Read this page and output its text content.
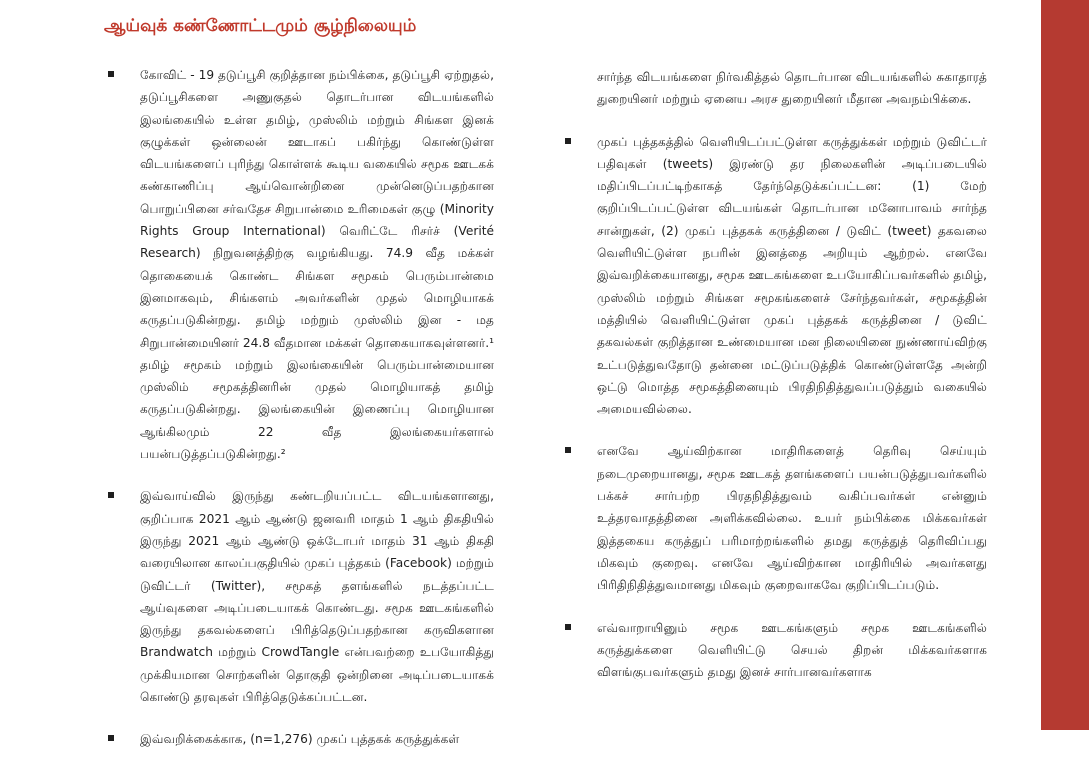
ஆய்வுக் கண்ணோட்டமும் சூழ்நிலையும்

கோவிட் - 19 தடுப்பூசி குறித்தான நம்பிக்கை, தடுப்பூசி ஏற்றுதல், தடுப்பூசிகளை அணுகுதல் தொடர்பான விடயங்களில் இலங்கையில் உள்ள தமிழ், முஸ்லிம் மற்றும் சிங்கள இனக் குழுக்கள் ஒன்லைன் ஊடாகப் பகிர்ந்து கொண்டுள்ள விடயங்களைப் புரிந்து கொள்ளக் கூடிய வகையில் சமூக ஊடகக் கண்காணிப்பு ஆய்வொன்றினை முன்னெடுப்பதற்கான பொறுப்பினை சர்வதேச சிறுபான்மை உரிமைகள் குழு (Minority Rights Group International) வெரிட்டே ரிசர்ச் (Verité Research) நிறுவனத்திற்கு வழங்கியது. 74.9 வீத மக்கள் தொகையைக் கொண்ட சிங்கள சமூகம் பெரும்பான்மை இனமாகவும், சிங்களம் அவர்களின் முதல் மொழியாகக் கருதப்படுகின்றது. தமிழ் மற்றும் முஸ்லிம் இன - மத சிறுபான்மையினர் 24.8 வீதமான மக்கள் தொகையாகவுள்ளனர்.¹ தமிழ் சமூகம் மற்றும் இலங்கையின் பெரும்பான்மையான முஸ்லிம் சமூகத்தினரின் முதல் மொழியாகத் தமிழ் கருதப்படுகின்றது. இலங்கையின் இணைப்பு மொழியான ஆங்கிலமும் 22 வீத இலங்கையர்களால் பயன்படுத்தப்படுகின்றது.²

இவ்வாய்வில் இருந்து கண்டறியப்பட்ட விடயங்களானது, குறிப்பாக 2021 ஆம் ஆண்டு ஜனவரி மாதம் 1 ஆம் திகதியில் இருந்து 2021 ஆம் ஆண்டு ஒக்டோபர் மாதம் 31 ஆம் திகதி வரையிலான காலப்பகுதியில் முகப் புத்தகம் (Facebook) மற்றும் டுவிட்டர் (Twitter), சமூகத் தளங்களில் நடத்தப்பட்ட ஆய்வுகளை அடிப்படையாகக் கொண்டது. சமூக ஊடகங்களில் இருந்து தகவல்களைப் பிரித்தெடுப்பதற்கான கருவிகளான Brandwatch மற்றும் CrowdTangle என்பவற்றை உபயோகித்து முக்கியமான சொற்களின் தொகுதி ஒன்றினை அடிப்படையாகக் கொண்டு தரவுகள் பிரித்தெடுக்கப்பட்டன.

இவ்வறிக்கைக்காக, (n=1,276) முகப் புத்தகக் கருத்துக்கள்

சார்ந்த விடயங்களை நிர்வகித்தல் தொடர்பான விடயங்களில் சுகாதாரத் துறையினர் மற்றும் ஏனைய அரச துறையினர் மீதான அவநம்பிக்கை.

முகப் புத்தகத்தில் வெளியிடப்பட்டுள்ள கருத்துக்கள் மற்றும் டுவிட்டர் பதிவுகள் (tweets) இரண்டு தர நிலைகளின் அடிப்படையில் மதிப்பிடப்பட்டிற்காகத் தேர்ந்தெடுக்கப்பட்டன: (1) மேற் குறிப்பிடப்பட்டுள்ள விடயங்கள் தொடர்பான மனோபாவம் சார்ந்த சான்றுகள், (2) முகப் புத்தகக் கருத்தினை / டுவிட் (tweet) தகவலை வெளியிட்டுள்ள நபரின் இனத்தை அறியும் ஆற்றல். எனவே இவ்வறிக்கையானது, சமூக ஊடகங்களை உபயோகிப்பவர்களில் தமிழ், முஸ்லிம் மற்றும் சிங்கள சமூகங்களைச் சேர்ந்தவர்கள், சமூகத்தின் மத்தியில் வெளியிட்டுள்ள முகப் புத்தகக் கருத்தினை / டுவிட் தகவல்கள் குறித்தான உண்மையான மன நிலையினை நுண்ணாய்விற்கு உட்படுத்துவதோடு தன்னை மட்டுப்படுத்திக் கொண்டுள்ளதே அன்றி ஒட்டு மொத்த சமூகத்தினையும் பிரதிநிதித்துவப்படுத்தும் வகையில் அமையவில்லை.

எனவே ஆய்விற்கான மாதிரிகளைத் தெரிவு செய்யும் நடைமுறையானது, சமூக ஊடகத் தளங்களைப் பயன்படுத்துபவர்களில் பக்கச் சார்பற்ற பிரதநிதித்துவம் வகிப்பவர்கள் என்னும் உத்தரவாதத்தினை அளிக்கவில்லை. உயர் நம்பிக்கை மிக்கவர்கள் இத்தகைய கருத்துப் பரிமாற்றங்களில் தமது கருத்துத் தெரிவிப்பது மிகவும் குறைவு. எனவே ஆய்விற்கான மாதிரியில் அவர்களது பிரிதிநிதித்துவமானது மிகவும் குறைவாகவே குறிப்பிடப்படும்.

எவ்வாறாயினும் சமூக ஊடகங்களும் சமூக ஊடகங்களில் கருத்துக்களை வெளியிட்டு செயல் திறன் மிக்கவர்களாக விளங்குபவர்களும் தமது இனச் சார்பானவர்களாக
